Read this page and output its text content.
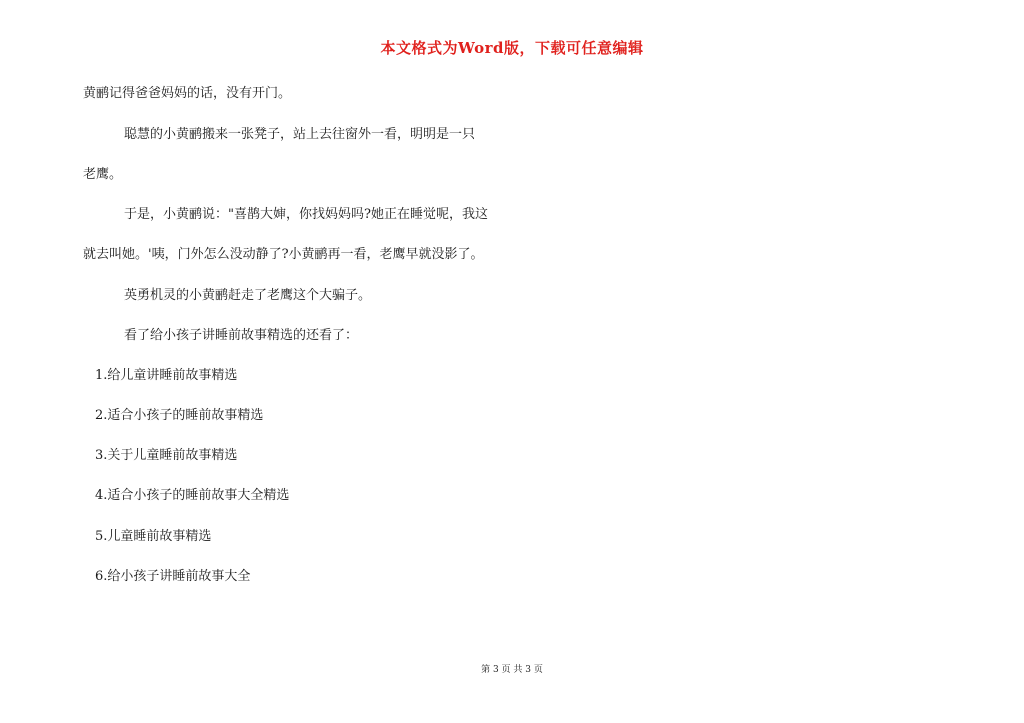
本文格式为Word版，下载可任意编辑
黄鹂记得爸爸妈妈的话，没有开门。
聪慧的小黄鹂搬来一张凳子，站上去往窗外一看，明明是一只
老鹰。
于是，小黄鹂说："喜鹊大婶，你找妈妈吗?她正在睡觉呢，我这
就去叫她。'咦，门外怎么没动静了?小黄鹂再一看，老鹰早就没影了。
英勇机灵的小黄鹂赶走了老鹰这个大骗子。
看了给小孩子讲睡前故事精选的还看了：
1.给儿童讲睡前故事精选
2.适合小孩子的睡前故事精选
3.关于儿童睡前故事精选
4.适合小孩子的睡前故事大全精选
5.儿童睡前故事精选
6.给小孩子讲睡前故事大全
第 3 页 共 3 页
